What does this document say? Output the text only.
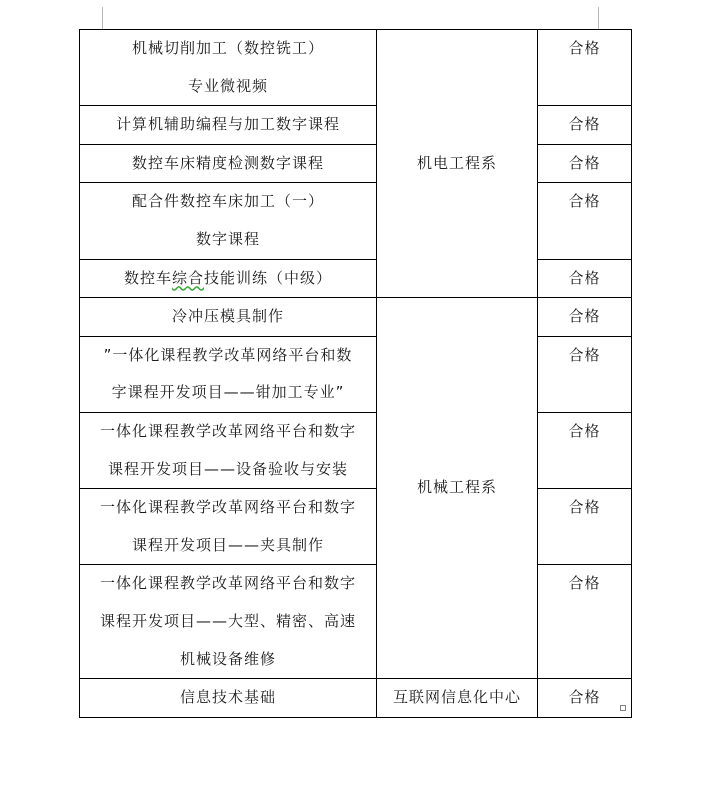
机械切削加工（数控铣工）
专业微视频	机电工程系	合格

计算机辅助编程与加工数字课程		合格

数控车床精度检测数字课程		合格

配合件数控车床加工（一）
数字课程		合格

数控车综合技能训练（中级）		合格

冷冲压模具制作	机械工程系	合格

”一体化课程教学改革网络平台和数
字课程开发项目——钳加工专业”		合格

一体化课程教学改革网络平台和数字
课程开发项目——设备验收与安装		合格

一体化课程教学改革网络平台和数字
课程开发项目——夹具制作		合格

一体化课程教学改革网络平台和数字
课程开发项目——大型、精密、高速
机械设备维修		合格

信息技术基础	互联网信息化中心	合格
